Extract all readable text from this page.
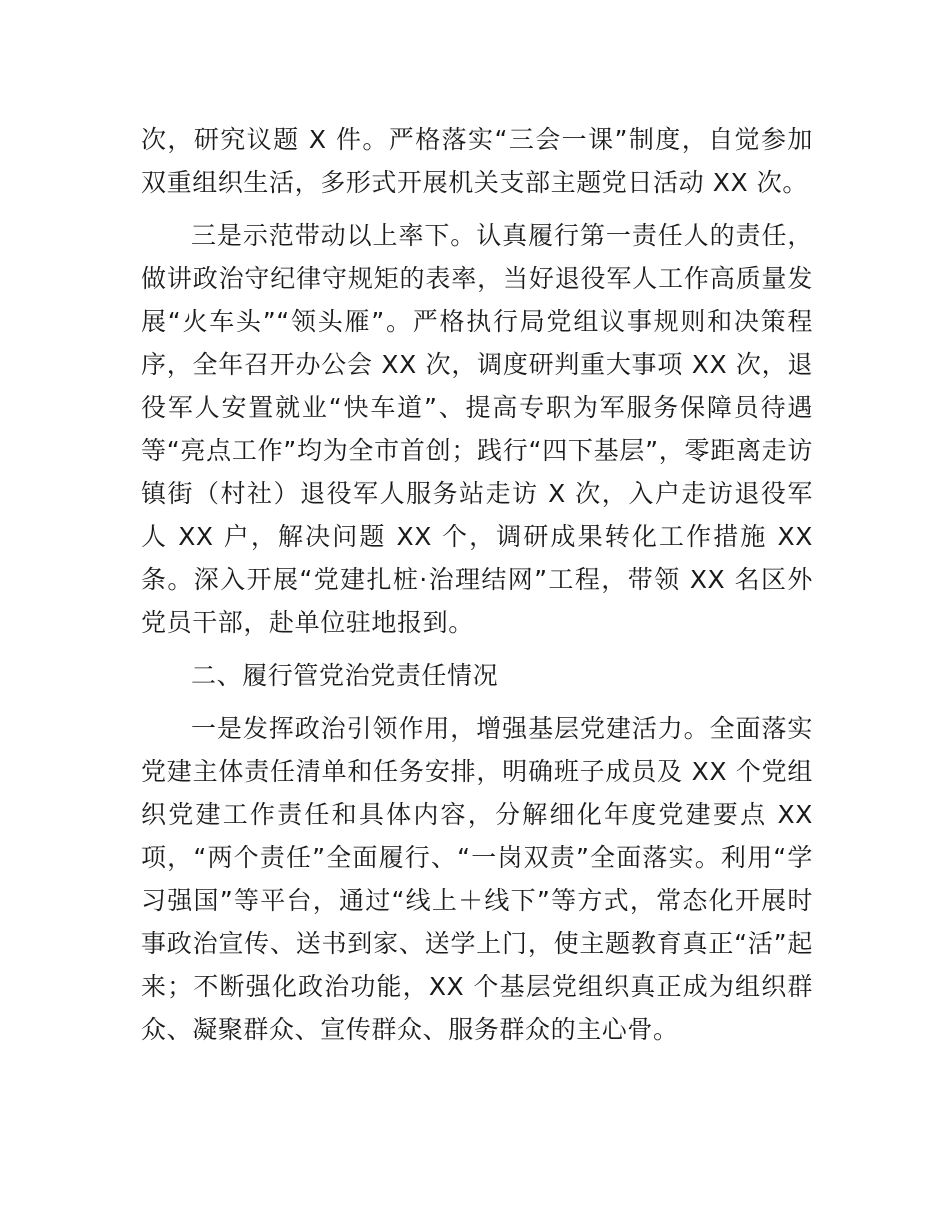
次，研究议题 X 件。严格落实“三会一课”制度，自觉参加双重组织生活，多形式开展机关支部主题党日活动 XX 次。

三是示范带动以上率下。认真履行第一责任人的责任，做讲政治守纪律守规矩的表率，当好退役军人工作高质量发展“火车头”“领头雁”。严格执行局党组议事规则和决策程序，全年召开办公会 XX 次，调度研判重大事项 XX 次，退役军人安置就业“快车道”、提高专职为军服务保障员待遇等“亮点工作”均为全市首创；践行“四下基层”，零距离走访镇街（村社）退役军人服务站走访 X 次，入户走访退役军人 XX 户，解决问题 XX 个，调研成果转化工作措施 XX 条。深入开展“党建扎桩·治理结网”工程，带领 XX 名区外党员干部，赴单位驻地报到。

二、履行管党治党责任情况

一是发挥政治引领作用，增强基层党建活力。全面落实党建主体责任清单和任务安排，明确班子成员及 XX 个党组织党建工作责任和具体内容，分解细化年度党建要点 XX 项，“两个责任”全面履行、“一岗双责”全面落实。利用“学习强国”等平台，通过“线上＋线下”等方式，常态化开展时事政治宣传、送书到家、送学上门，使主题教育真正“活”起来；不断强化政治功能，XX 个基层党组织真正成为组织群众、凝聚群众、宣传群众、服务群众的主心骨。
